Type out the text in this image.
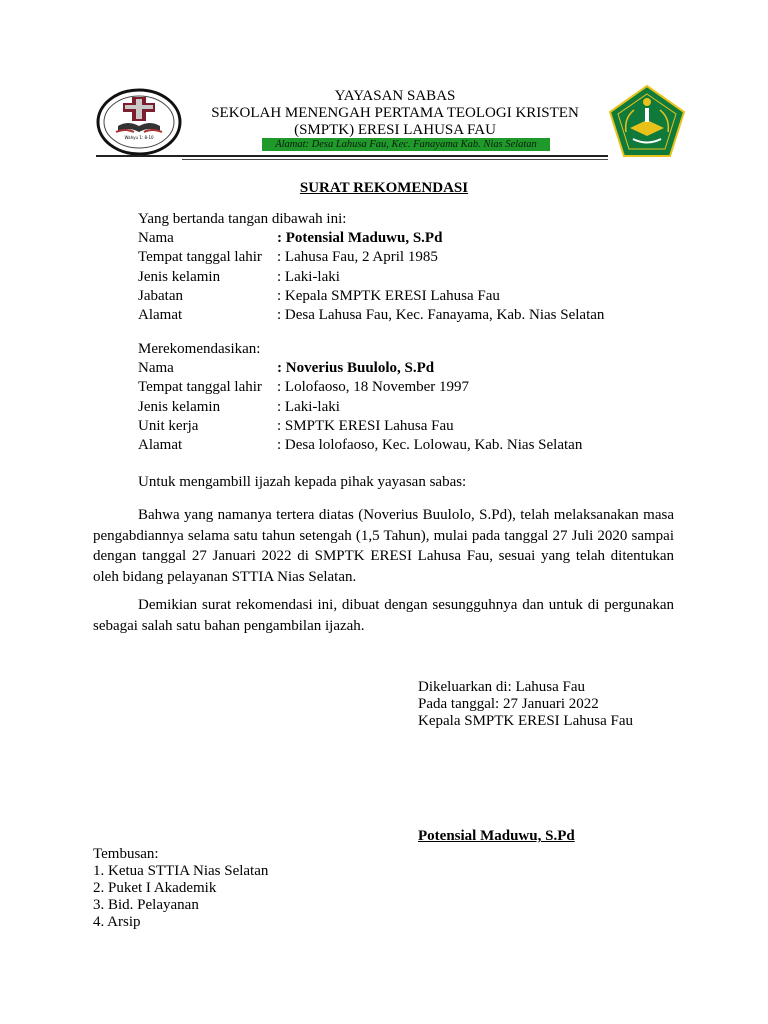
Wahyu 1: 8-10
YAYASAN SABAS
SEKOLAH MENENGAH PERTAMA TEOLOGI KRISTEN
(SMPTK) ERESI LAHUSA FAU
Alamat: Desa Lahusa Fau, Kec. Fanayama Kab. Nias Selatan
SURAT REKOMENDASI
Yang bertanda tangan dibawah ini:
Nama	: Potensial Maduwu, S.Pd
Tempat tanggal lahir : Lahusa Fau, 2 April 1985
Jenis kelamin	: Laki-laki
Jabatan	: Kepala SMPTK ERESI Lahusa Fau
Alamat	: Desa Lahusa Fau, Kec. Fanayama, Kab. Nias Selatan
Merekomendasikan:
Nama	: Noverius Buulolo, S.Pd
Tempat tanggal lahir : Lolofaoso, 18 November 1997
Jenis kelamin	: Laki-laki
Unit kerja	: SMPTK ERESI Lahusa Fau
Alamat	: Desa lolofaoso, Kec. Lolowau, Kab. Nias Selatan
Untuk mengambill ijazah kepada pihak yayasan sabas:
Bahwa yang namanya tertera diatas (Noverius Buulolo, S.Pd), telah melaksanakan masa pengabdiannya selama satu tahun setengah (1,5 Tahun), mulai pada tanggal 27 Juli 2020 sampai dengan tanggal 27 Januari 2022 di SMPTK ERESI Lahusa Fau, sesuai yang telah ditentukan oleh bidang pelayanan STTIA Nias Selatan.
Demikian surat rekomendasi ini, dibuat dengan sesungguhnya dan untuk di pergunakan sebagai salah satu bahan pengambilan ijazah.
Dikeluarkan di: Lahusa Fau
Pada tanggal: 27 Januari 2022
Kepala SMPTK ERESI Lahusa Fau
Potensial Maduwu, S.Pd
Tembusan:
1. Ketua STTIA Nias Selatan
2. Puket I Akademik
3. Bid. Pelayanan
4. Arsip
